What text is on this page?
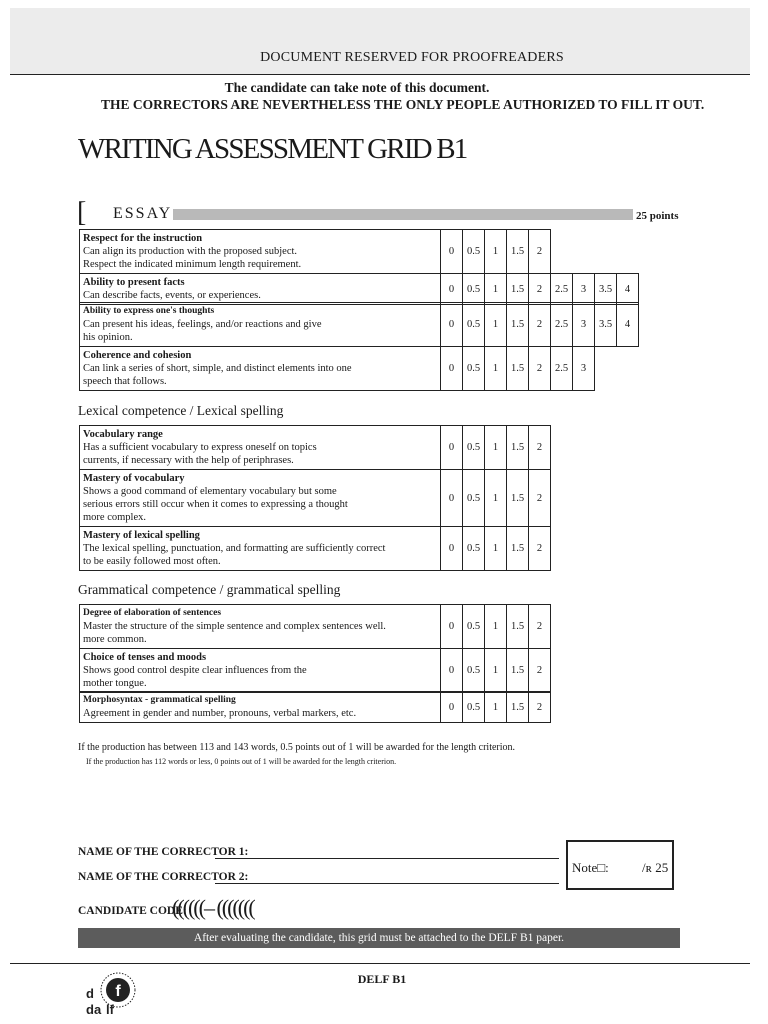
DOCUMENT RESERVED FOR PROOFREADERS
The candidate can take note of this document.
THE CORRECTORS ARE NEVERTHELESS THE ONLY PEOPLE AUTHORIZED TO FILL IT OUT.
WRITING ASSESSMENT GRID B1
[ ESSAY	25 points
Respect for the instruction
Can align its production with the proposed subject.
Respect the indicated minimum length requirement.
	0	0.5	1	1.5	2
Ability to present facts
Can describe facts, events, or experiences.
	0	0.5	1	1.5	2	2.5	3	3.5	4
Ability to express one's thoughts
Can present his ideas, feelings, and/or reactions and give
his opinion.
	0	0.5	1	1.5	2	2.5	3	3.5	4
Coherence and cohesion
Can link a series of short, simple, and distinct elements into one
speech that follows.
	0	0.5	1	1.5	2	2.5	3
Lexical competence / Lexical spelling
Vocabulary range
Has a sufficient vocabulary to express oneself on topics
currents, if necessary with the help of periphrases.
	0	0.5	1	1.5	2
Mastery of vocabulary
Shows a good command of elementary vocabulary but some
serious errors still occur when it comes to expressing a thought
more complex.
	0	0.5	1	1.5	2
Mastery of lexical spelling
The lexical spelling, punctuation, and formatting are sufficiently correct
to be easily followed most often.
	0	0.5	1	1.5	2
Grammatical competence / grammatical spelling
Degree of elaboration of sentences
Master the structure of the simple sentence and complex sentences well.
more common.
	0	0.5	1	1.5	2
Choice of tenses and moods
Shows good control despite clear influences from the
mother tongue.
	0	0.5	1	1.5	2
Morphosyntax - grammatical spelling
Agreement in gender and number, pronouns, verbal markers, etc.
	0	0.5	1	1.5	2
If the production has between 113 and 143 words, 0.5 points out of 1 will be awarded for the length criterion.
If the production has 112 words or less, 0 points out of 1 will be awarded for the length criterion.
NAME OF THE CORRECTOR 1:
NAME OF THE CORRECTOR 2:
Note□:	/ʀ 25
CANDIDATE CODE:
((((((– (((((((
After evaluating the candidate, this grid must be attached to the DELF B1 paper.
DELF B1
f
d
da lf
